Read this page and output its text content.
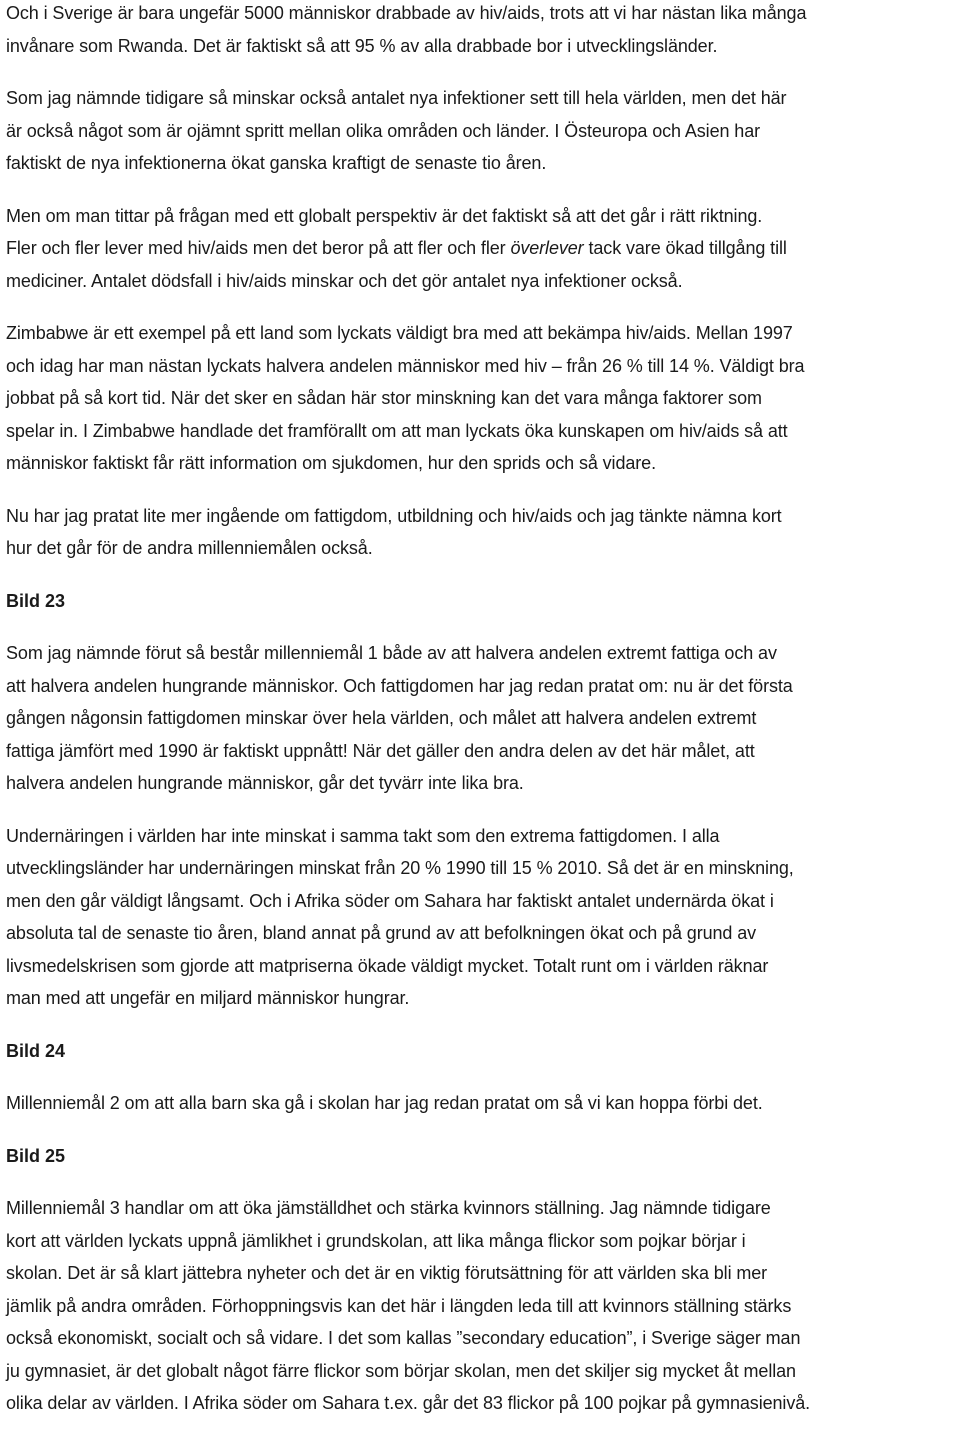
Och i Sverige är bara ungefär 5000 människor drabbade av hiv/aids, trots att vi har nästan lika många
invånare som Rwanda. Det är faktiskt så att 95 % av alla drabbade bor i utvecklingsländer.

Som jag nämnde tidigare så minskar också antalet nya infektioner sett till hela världen, men det här
är också något som är ojämnt spritt mellan olika områden och länder. I Östeuropa och Asien har
faktiskt de nya infektionerna ökat ganska kraftigt de senaste tio åren.

Men om man tittar på frågan med ett globalt perspektiv är det faktiskt så att det går i rätt riktning.
Fler och fler lever med hiv/aids men det beror på att fler och fler överlever tack vare ökad tillgång till
mediciner. Antalet dödsfall i hiv/aids minskar och det gör antalet nya infektioner också.

Zimbabwe är ett exempel på ett land som lyckats väldigt bra med att bekämpa hiv/aids. Mellan 1997
och idag har man nästan lyckats halvera andelen människor med hiv – från 26 % till 14 %. Väldigt bra
jobbat på så kort tid. När det sker en sådan här stor minskning kan det vara många faktorer som
spelar in. I Zimbabwe handlade det framförallt om att man lyckats öka kunskapen om hiv/aids så att
människor faktiskt får rätt information om sjukdomen, hur den sprids och så vidare.

Nu har jag pratat lite mer ingående om fattigdom, utbildning och hiv/aids och jag tänkte nämna kort
hur det går för de andra millenniemålen också.

Bild 23

Som jag nämnde förut så består millenniemål 1 både av att halvera andelen extremt fattiga och av
att halvera andelen hungrande människor. Och fattigdomen har jag redan pratat om: nu är det första
gången någonsin fattigdomen minskar över hela världen, och målet att halvera andelen extremt
fattiga jämfört med 1990 är faktiskt uppnått! När det gäller den andra delen av det här målet, att
halvera andelen hungrande människor, går det tyvärr inte lika bra.

Undernäringen i världen har inte minskat i samma takt som den extrema fattigdomen. I alla
utvecklingsländer har undernäringen minskat från 20 % 1990 till 15 % 2010. Så det är en minskning,
men den går väldigt långsamt. Och i Afrika söder om Sahara har faktiskt antalet undernärda ökat i
absoluta tal de senaste tio åren, bland annat på grund av att befolkningen ökat och på grund av
livsmedelskrisen som gjorde att matpriserna ökade väldigt mycket. Totalt runt om i världen räknar
man med att ungefär en miljard människor hungrar.

Bild 24

Millenniemål 2 om att alla barn ska gå i skolan har jag redan pratat om så vi kan hoppa förbi det.

Bild 25

Millenniemål 3 handlar om att öka jämställdhet och stärka kvinnors ställning. Jag nämnde tidigare
kort att världen lyckats uppnå jämlikhet i grundskolan, att lika många flickor som pojkar börjar i
skolan. Det är så klart jättebra nyheter och det är en viktig förutsättning för att världen ska bli mer
jämlik på andra områden. Förhoppningsvis kan det här i längden leda till att kvinnors ställning stärks
också ekonomiskt, socialt och så vidare. I det som kallas ”secondary education”, i Sverige säger man
ju gymnasiet, är det globalt något färre flickor som börjar skolan, men det skiljer sig mycket åt mellan
olika delar av världen. I Afrika söder om Sahara t.ex. går det 83 flickor på 100 pojkar på gymnasienivå.
